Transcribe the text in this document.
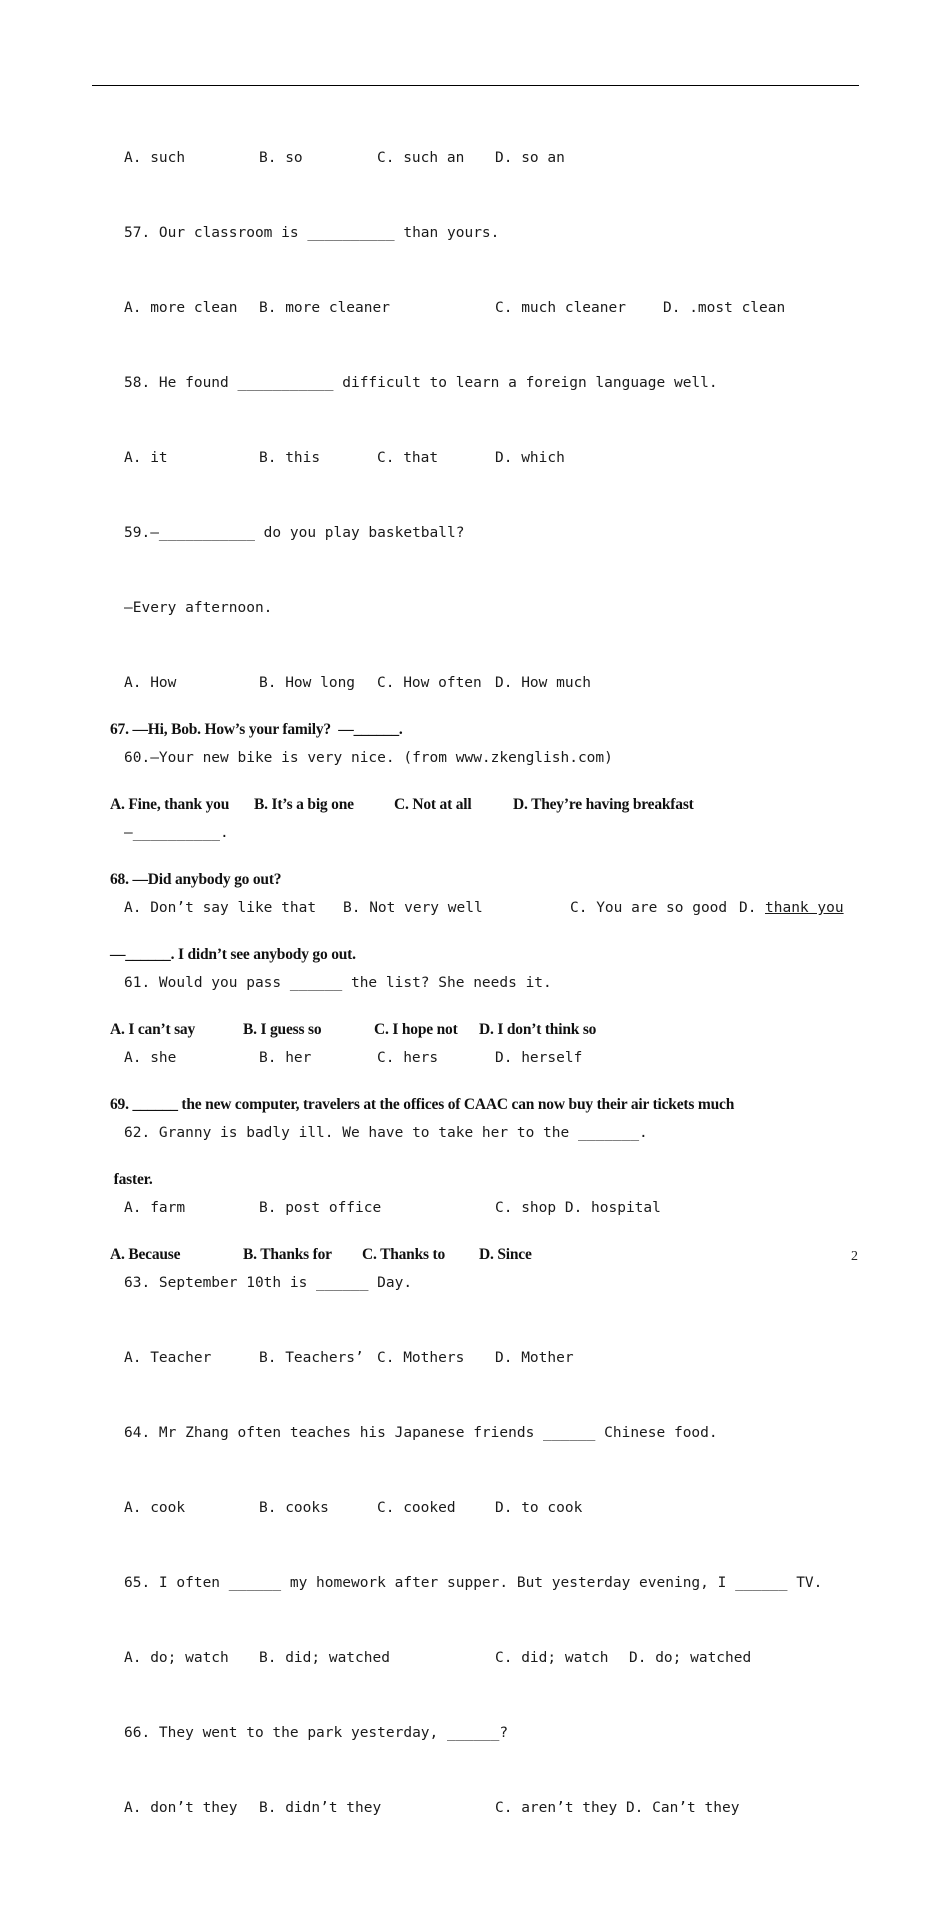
A. such

	B. so

	C. such an

D. so an

57. Our classroom is __________ than yours.

A. more clean

B. more cleaner

	C. much cleaner

	D. .most clean

58. He found ___________ difficult to learn a foreign language well.

A. it

	B. this

	C. that

	D. which

59.—___________ do you play basketball?

—Every afternoon.

A. How

	B. How long

C. How often

D. How much

60.—Your new bike is very nice. (from www.zkenglish.com)

—__________.

A. Don’t say like that

B. Not very well

	C. You are so good

D.

thank you

61. Would you pass ______ the list? She needs it.

A. she

	B. her

	C. hers

	D. herself

62. Granny is badly ill. We have to take her to the _______.

A. farm

	B. post office

	C. shop D. hospital

63. September 10th is ______ Day.

A. Teacher

	B. Teachers’

C. Mothers

D. Mother

64. Mr Zhang often teaches his Japanese friends ______ Chinese food.

A. cook

	B. cooks

	C. cooked

	D. to cook

65. I often ______ my homework after supper. But yesterday evening, I ______ TV.

A. do; watch

B. did; watched

	C. did; watch

D. do; watched

66. They went to the park yesterday, ______?

A. don’t they

B. didn’t they

	C. aren’t they D. Can’t they

67. —Hi, Bob. How’s your family?  —______.

A. Fine, thank you

B. It’s a big one

	C. Not at all

	D. They’re having breakfast

68. —Did anybody go out?

—______. I didn’t see anybody go out.

A. I can’t say

	B. I guess so

	C. I hope not

D. I don’t think so

69. ______ the new computer, travelers at the offices of CAAC can now buy their air tickets much

faster.

A. Because

	B. Thanks for

C. Thanks to

D. Since

	2
